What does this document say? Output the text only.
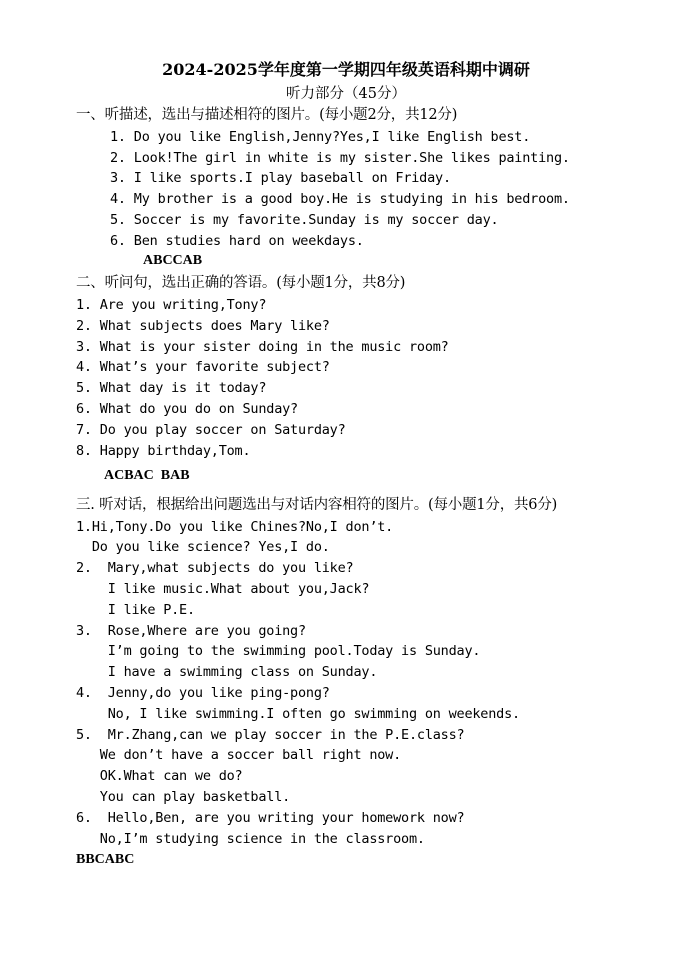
2024-2025学年度第一学期四年级英语科期中调研
听力部分（45分）
一、听描述，选出与描述相符的图片。(每小题2分，共12分)
1. Do you like English,Jenny?Yes,I like English best.
2. Look!The girl in white is my sister.She likes painting.
3. I like sports.I play baseball on Friday.
4. My brother is a good boy.He is studying in his bedroom.
5. Soccer is my favorite.Sunday is my soccer day.
6. Ben studies hard on weekdays.
ABCCAB
二、听问句，选出正确的答语。(每小题1分，共8分)
1. Are you writing,Tony?
2. What subjects does Mary like?
3. What is your sister doing in the music room?
4. What’s your favorite subject?
5. What day is it today?
6. What do you do on Sunday?
7. Do you play soccer on Saturday?
8. Happy birthday,Tom.
ACBAC  BAB
三. 听对话，根据给出问题选出与对话内容相符的图片。(每小题1分，共6分)
1.Hi,Tony.Do you like Chines?No,I don’t.
Do you like science? Yes,I do.
2.  Mary,what subjects do you like?
I like music.What about you,Jack?
I like P.E.
3.  Rose,Where are you going?
I’m going to the swimming pool.Today is Sunday.
I have a swimming class on Sunday.
4.  Jenny,do you like ping-pong?
No, I like swimming.I often go swimming on weekends.
5.  Mr.Zhang,can we play soccer in the P.E.class?
We don’t have a soccer ball right now.
OK.What can we do?
You can play basketball.
6.  Hello,Ben, are you writing your homework now?
No,I’m studying science in the classroom.
BBCABC
